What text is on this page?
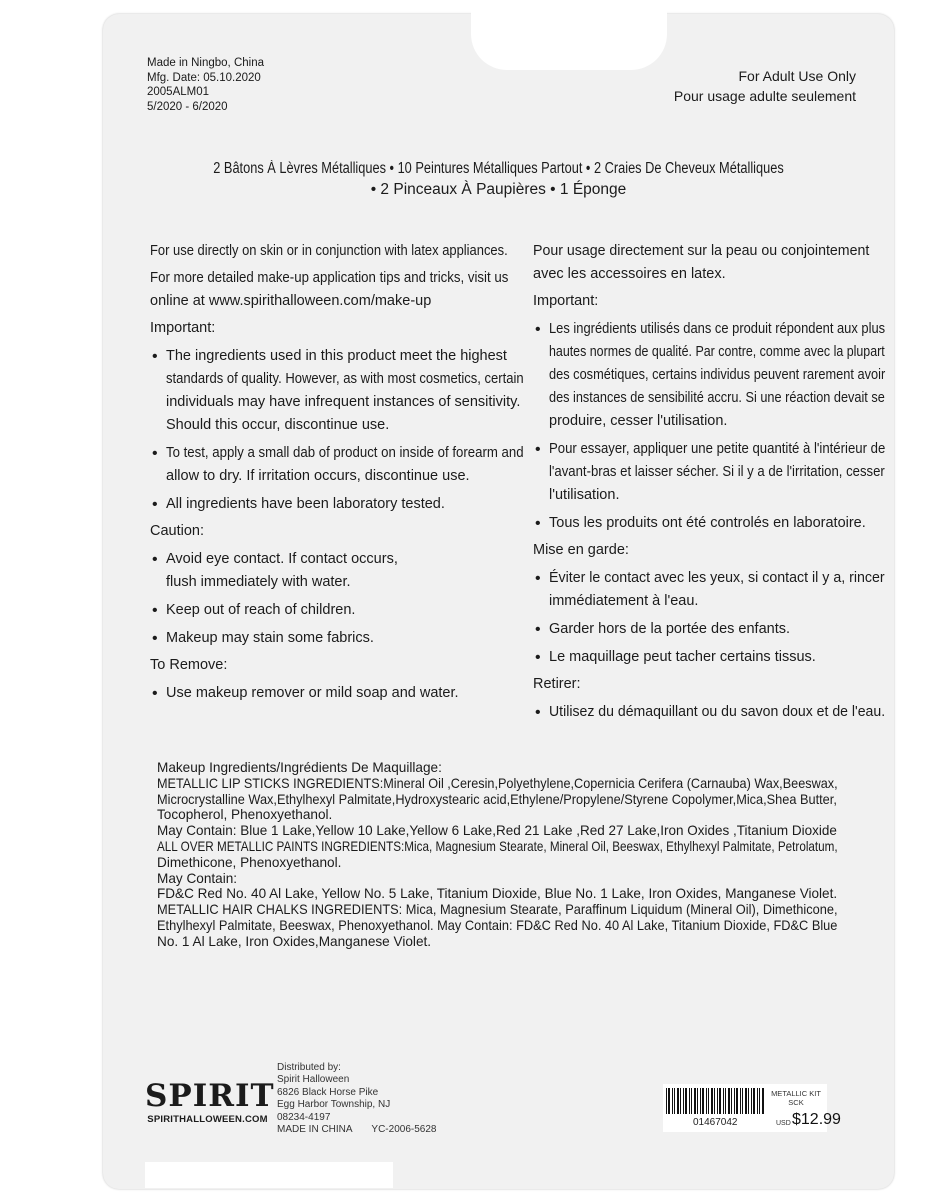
Made in Ningbo, China
Mfg. Date: 05.10.2020
2005ALM01
5/2020 - 6/2020
For Adult Use Only
Pour usage adulte seulement
2 Bâtons À Lèvres Métalliques • 10 Peintures Métalliques Partout • 2 Craies De Cheveux Métalliques
• 2 Pinceaux À Paupières • 1 Éponge
For use directly on skin or in conjunction with latex appliances.
For more detailed make-up application tips and tricks, visit us
online at www.spirithalloween.com/make-up
Important:
• The ingredients used in this product meet the highest
standards of quality. However, as with most cosmetics, certain
individuals may have infrequent instances of sensitivity.
Should this occur, discontinue use.
• To test, apply a small dab of product on inside of forearm and
allow to dry. If irritation occurs, discontinue use.
• All ingredients have been laboratory tested.
Caution:
• Avoid eye contact. If contact occurs,
flush immediately with water.
• Keep out of reach of children.
• Makeup may stain some fabrics.
To Remove:
• Use makeup remover or mild soap and water.
Pour usage directement sur la peau ou conjointement
avec les accessoires en latex.
Important:
• Les ingrédients utilisés dans ce produit répondent aux plus
hautes normes de qualité. Par contre, comme avec la plupart
des cosmétiques, certains individus peuvent rarement avoir
des instances de sensibilité accru. Si une réaction devait se
produire, cesser l'utilisation.
• Pour essayer, appliquer une petite quantité à l'intérieur de
l'avant-bras et laisser sécher. Si il y a de l'irritation, cesser
l'utilisation.
• Tous les produits ont été controlés en laboratoire.
Mise en garde:
• Éviter le contact avec les yeux, si contact il y a, rincer
immédiatement à l'eau.
• Garder hors de la portée des enfants.
• Le maquillage peut tacher certains tissus.
Retirer:
• Utilisez du démaquillant ou du savon doux et de l'eau.
Makeup Ingredients/Ingrédients De Maquillage:
METALLIC LIP STICKS INGREDIENTS:Mineral Oil ,Ceresin,Polyethylene,Copernicia Cerifera (Carnauba) Wax,Beeswax,
Microcrystalline Wax,Ethylhexyl Palmitate,Hydroxystearic acid,Ethylene/Propylene/Styrene Copolymer,Mica,Shea Butter,
Tocopherol, Phenoxyethanol.
May Contain: Blue 1 Lake,Yellow 10 Lake,Yellow 6 Lake,Red 21 Lake ,Red 27 Lake,Iron Oxides ,Titanium Dioxide
ALL OVER METALLIC PAINTS INGREDIENTS:Mica, Magnesium Stearate, Mineral Oil, Beeswax, Ethylhexyl Palmitate, Petrolatum,
Dimethicone, Phenoxyethanol.
May Contain:
FD&C Red No. 40 Al Lake, Yellow No. 5 Lake, Titanium Dioxide, Blue No. 1 Lake, Iron Oxides, Manganese Violet.
METALLIC HAIR CHALKS INGREDIENTS: Mica, Magnesium Stearate, Paraffinum Liquidum (Mineral Oil), Dimethicone,
Ethylhexyl Palmitate, Beeswax, Phenoxyethanol. May Contain: FD&C Red No. 40 Al Lake, Titanium Dioxide, FD&C Blue
No. 1 Al Lake, Iron Oxides,Manganese Violet.
SPIRIT
SPIRITHALLOWEEN.COM
Distributed by:
Spirit Halloween
6826 Black Horse Pike
Egg Harbor Township, NJ
08234-4197
MADE IN CHINA YC-2006-5628
METALLIC KIT
SCK
01467042	USD $12.99
